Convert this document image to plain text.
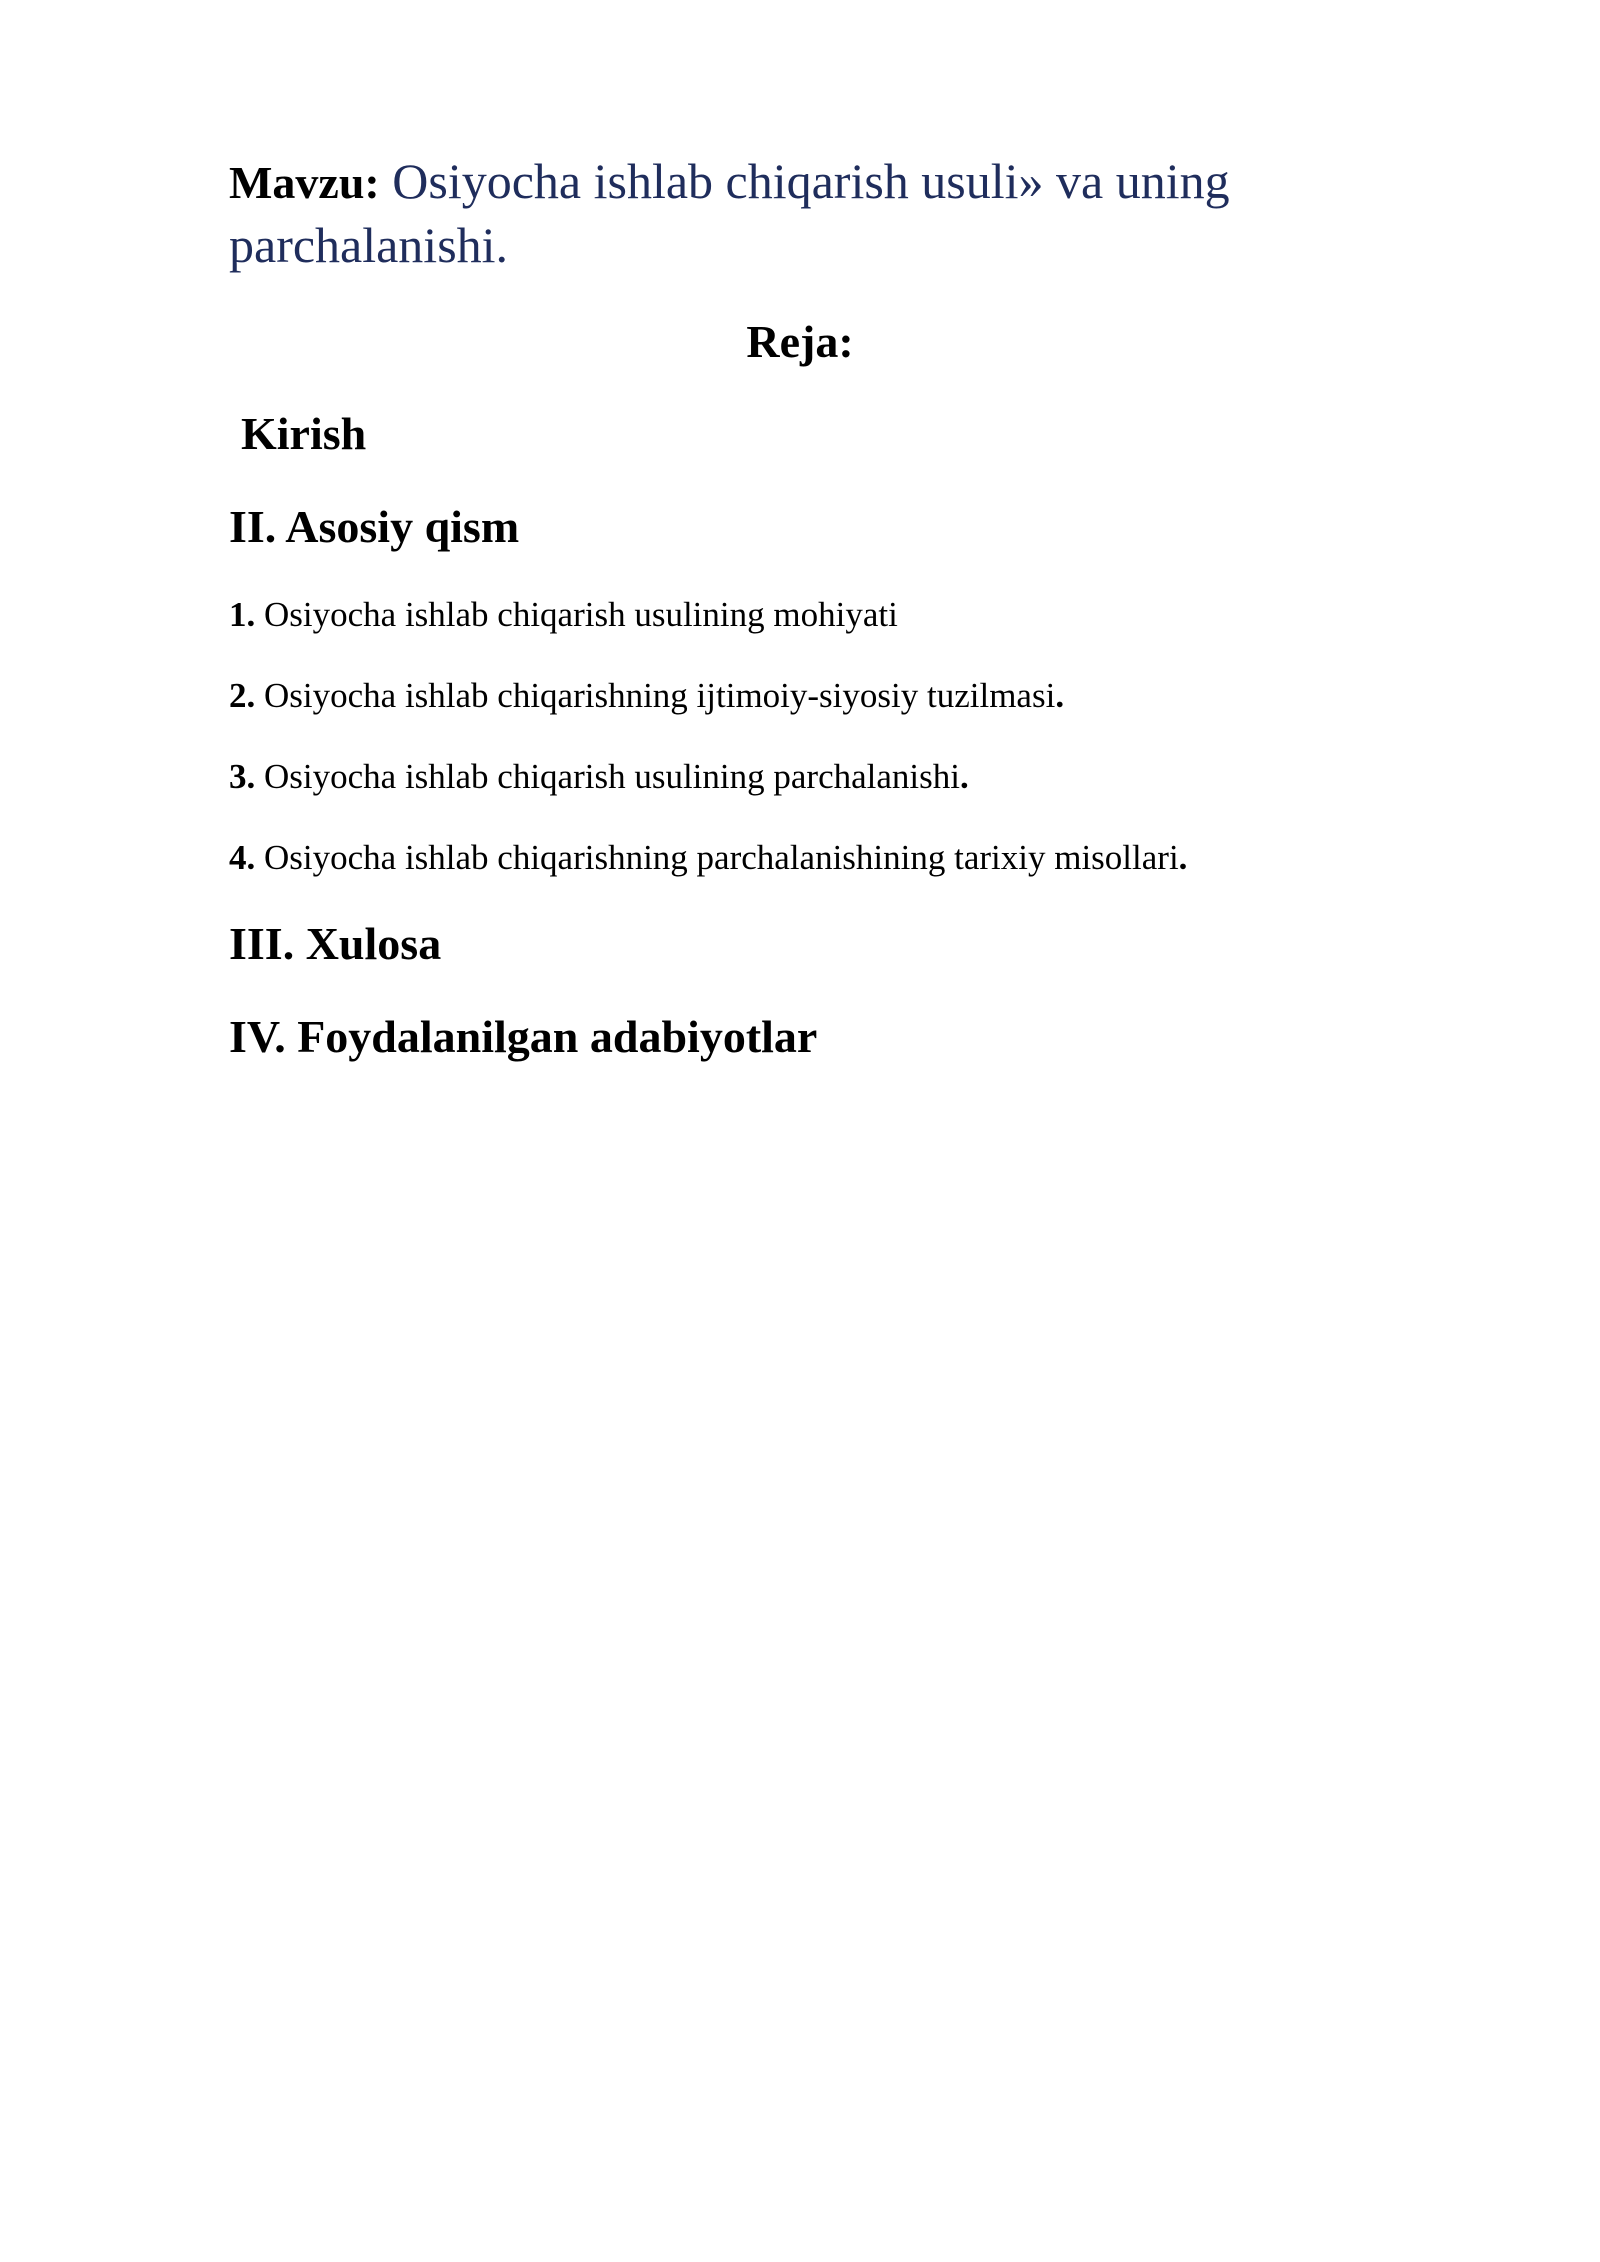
Mavzu: Osiyocha ishlab chiqarish usuli» va uning parchalanishi.
Reja:
Kirish
II. Asosiy qism
1. Osiyocha ishlab chiqarish usulining mohiyati
2. Osiyocha ishlab chiqarishning ijtimoiy-siyosiy tuzilmasi.
3. Osiyocha ishlab chiqarish usulining parchalanishi.
4. Osiyocha ishlab chiqarishning parchalanishining tarixiy misollari.
III. Xulosa
IV. Foydalanilgan adabiyotlar
